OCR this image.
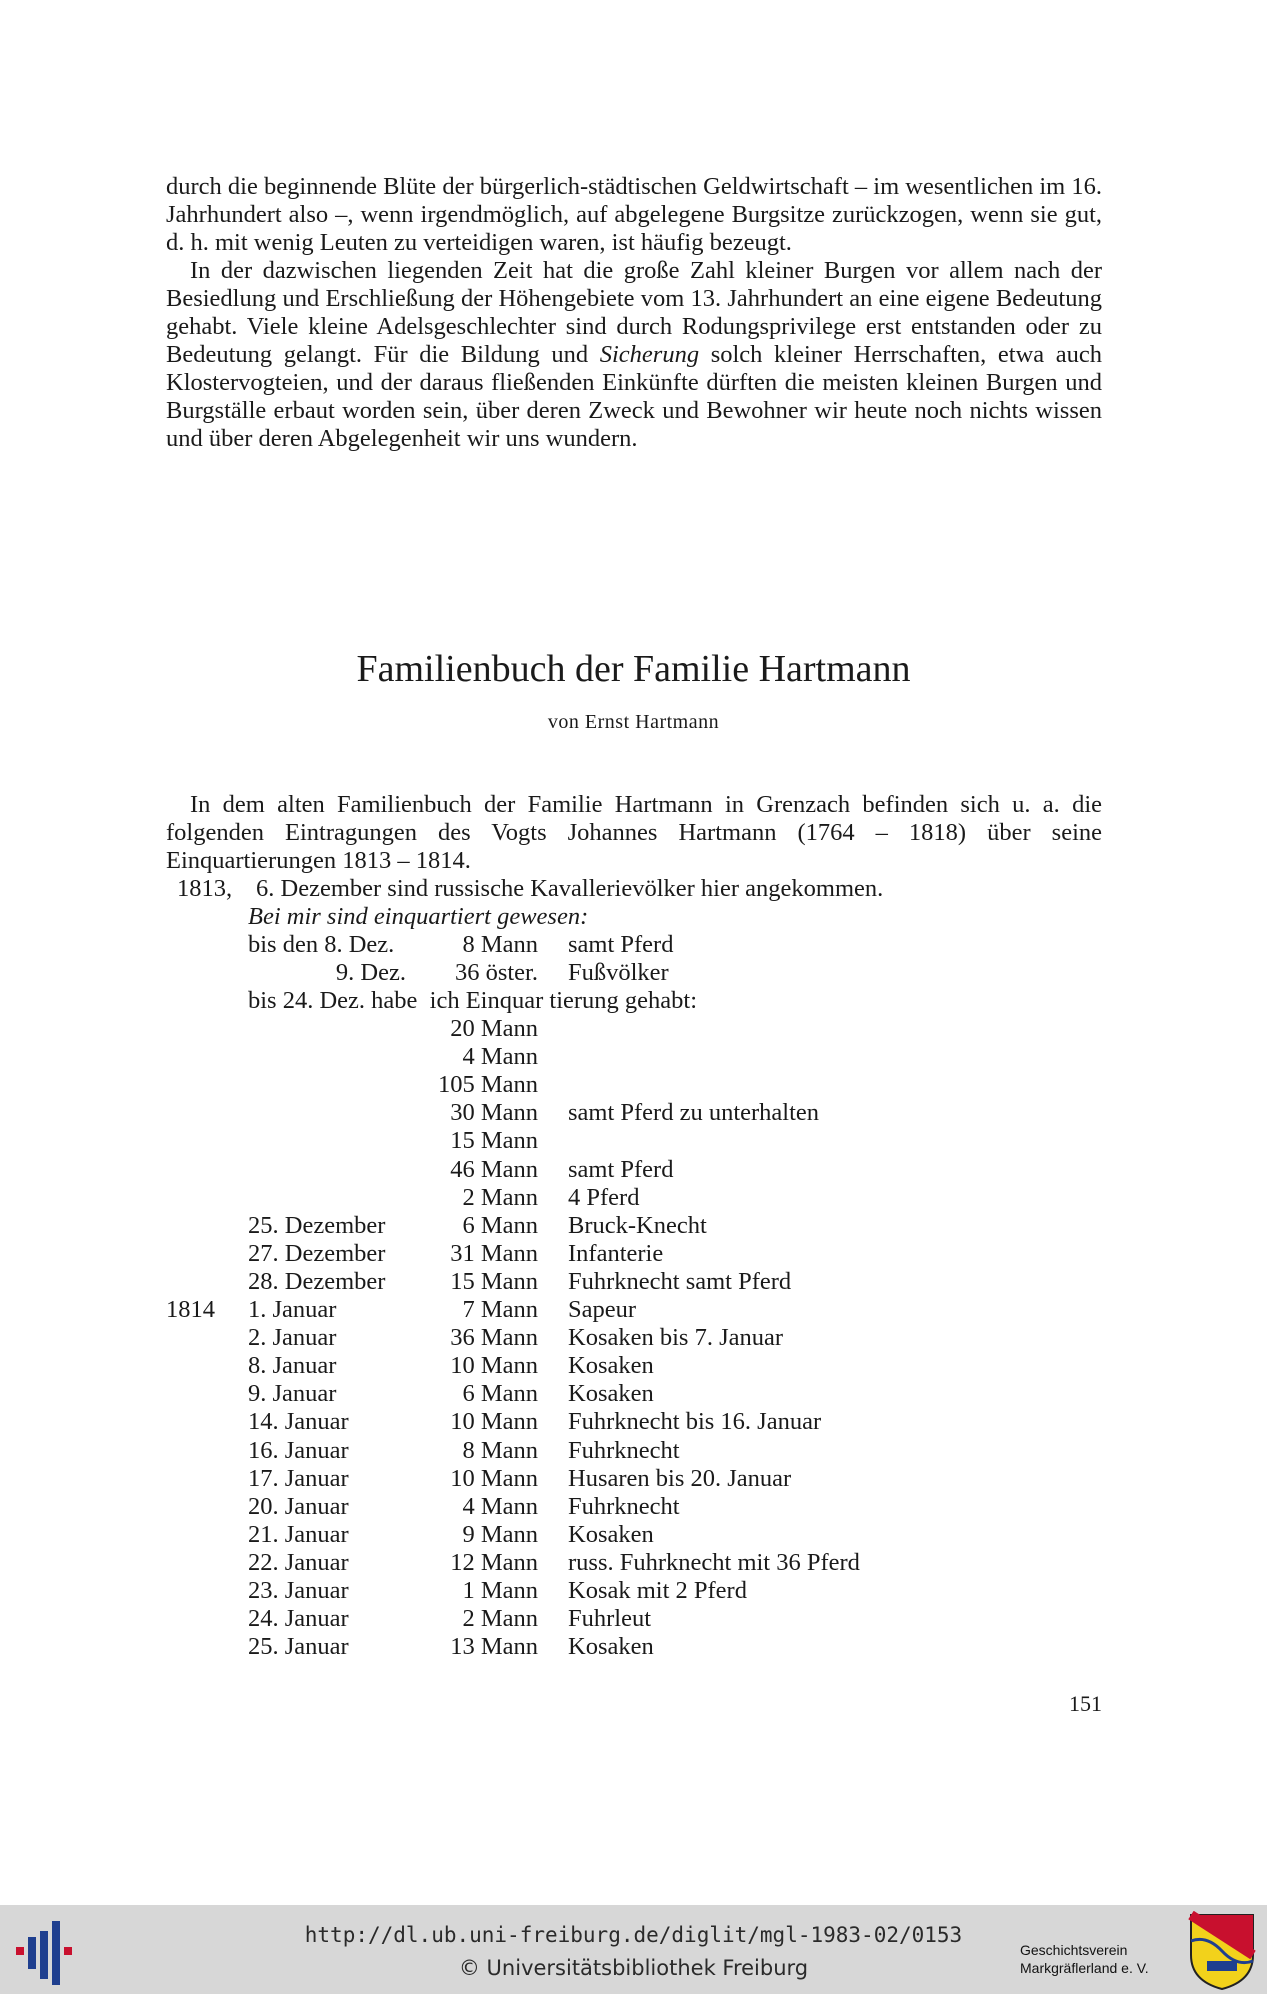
durch die beginnende Blüte der bürgerlich-städtischen Geldwirtschaft – im wesentlichen im 16. Jahrhundert also –, wenn irgendmöglich, auf abgelegene Burgsitze zurückzogen, wenn sie gut, d. h. mit wenig Leuten zu verteidigen waren, ist häufig bezeugt.

In der dazwischen liegenden Zeit hat die große Zahl kleiner Burgen vor allem nach der Besiedlung und Erschließung der Höhengebiete vom 13. Jahrhundert an eine eigene Bedeutung gehabt. Viele kleine Adelsgeschlechter sind durch Rodungsprivilege erst entstanden oder zu Bedeutung gelangt. Für die Bildung und Sicherung solch kleiner Herrschaften, etwa auch Klostervogteien, und der daraus fließenden Einkünfte dürften die meisten kleinen Burgen und Burgställe erbaut worden sein, über deren Zweck und Bewohner wir heute noch nichts wissen und über deren Abgelegenheit wir uns wundern.

Familienbuch der Familie Hartmann
von Ernst Hartmann
In dem alten Familienbuch der Familie Hartmann in Grenzach befinden sich u. a. die folgenden Eintragungen des Vogts Johannes Hartmann (1764 – 1818) über seine Einquartierungen 1813 – 1814.
1813, 6. Dezember sind russische Kavallerievölker hier angekommen.
Bei mir sind einquartiert gewesen:
bis den 8. Dez.	8 Mann samt Pferd
9. Dez.	36 öster. Fußvölker
bis 24. Dez. habe  ich Einquar tierung gehabt:
20 Mann
4 Mann
105 Mann
30 Mann samt Pferd zu unterhalten
15 Mann
46 Mann samt Pferd
2 Mann 4 Pferd
25. Dezember	6 Mann Bruck-Knecht
27. Dezember	31 Mann Infanterie
28. Dezember	15 Mann Fuhrknecht samt Pferd
1814 1. Januar	7 Mann Sapeur
2. Januar	36 Mann Kosaken bis 7. Januar
8. Januar	10 Mann Kosaken
9. Januar	6 Mann Kosaken
14. Januar	10 Mann Fuhrknecht bis 16. Januar
16. Januar	8 Mann Fuhrknecht
17. Januar	10 Mann Husaren bis 20. Januar
20. Januar	4 Mann Fuhrknecht
21. Januar	9 Mann Kosaken
22. Januar	12 Mann russ. Fuhrknecht mit 36 Pferd
23. Januar	1 Mann Kosak mit 2 Pferd
24. Januar	2 Mann Fuhrleut
25. Januar	13 Mann Kosaken
151
http://dl.ub.uni-freiburg.de/diglit/mgl-1983-02/0153
© Universitätsbibliothek Freiburg
Geschichtsverein
Markgräflerland e. V.
